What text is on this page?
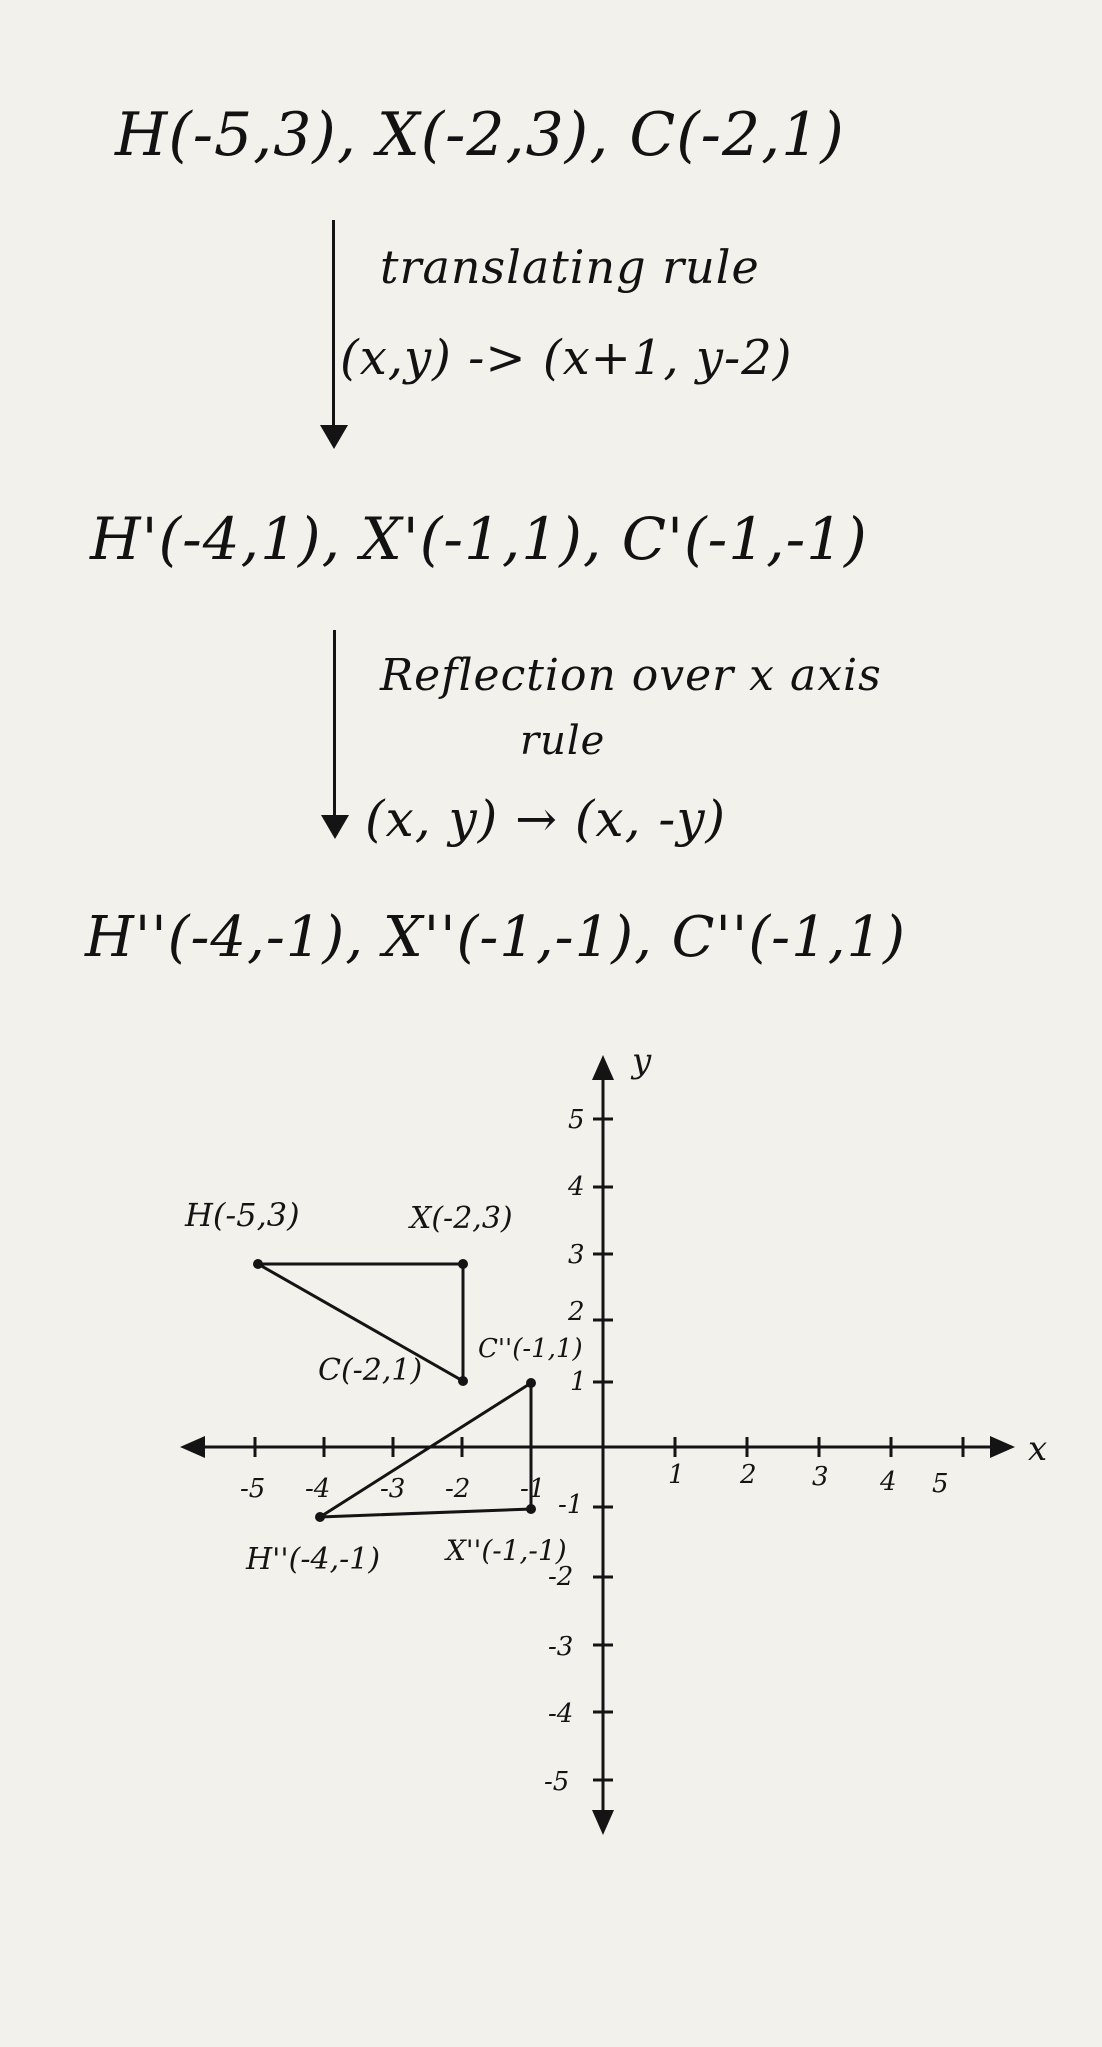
H(-5,3), X(-2,3), C(-2,1)
translating rule
(x,y) -> (x+1, y-2)
H'(-4,1), X'(-1,1), C'(-1,-1)
Reflection over x axis
rule
(x, y) → (x, -y)
H''(-4,-1), X''(-1,-1), C''(-1,1)
x
y
-5 -4 -3 -2 -1	1 2 3 4 5
5
4
3
2
1
-1
-2
-3
-4
-5
H(-5,3)	X(-2,3)
C(-2,1)
C''(-1,1)
H''(-4,-1) X''(-1,-1)
